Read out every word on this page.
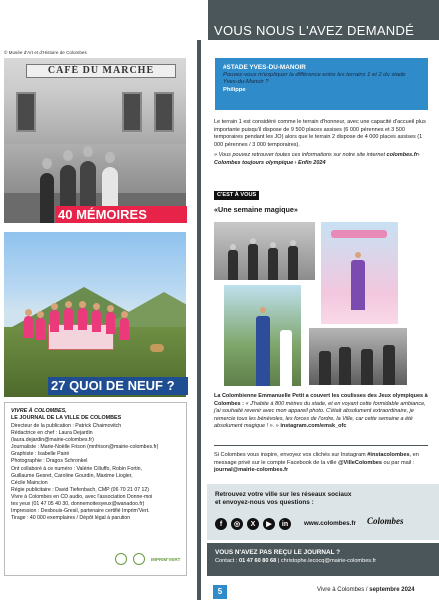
© Musée d'Art et d'Histoire de Colombes
CAFÉ DU MARCHE
40 MÉMOIRES
27 QUOI DE NEUF ?
VIVRE À COLOMBES,
LE JOURNAL DE LA VILLE DE COLOMBES
Directeur de la publication : Patrick Chaimovitch
Rédactrice en chef : Laura Dejardin
(laura.dejardin@mairie-colombes.fr)
Journaliste : Marie-Noëlle Frison (mnfrison@mairie-colombes.fr)
Graphiste : Isabelle Pairé
Photographie : Dragos Schronkel
Ont collaboré à ce numéro : Valérie Cilluffo, Robin Fortin,
Guillaume Gesret, Caroline Gourdin, Maxime Liogier,
Cécile Maincion
Régie publicitaire : David Tiefenbach, CMP (06 70 21 07 12)
Vivre à Colombes en CD audio, avec l'association Donne-moi
tes yeux (01 47 05 40 30, donnemoitesyeux@wanadoo.fr)
Impression : Desbouis-Gresil, partenaire certifié Imprim'Vert.
Tirage : 40 000 exemplaires / Dépôt légal à parution
IMPRIM'VERT
VOUS NOUS L'AVEZ DEMANDÉ
#STADE YVES-DU-MANOIR
Pouvez-vous m'expliquer la différence entre les terrains 1 et 2 du stade Yves-du-Manoir ?
Philippe
Le terrain 1 est considéré comme le terrain d'honneur, avec une capacité d'accueil plus importante puisqu'il dispose de 9 500 places assises (6 000 pérennes et 3 500 temporaires pendant les JO) alors que le terrain 2 dispose de 4 000 places assises (1 000 pérennes / 3 000 temporaires).
» Vous pouvez retrouver toutes ces informations sur notre site internet colombes.fr› Colombes toujours olympique › Enfin 2024
C'EST À VOUS
«Une semaine magique»
La Colombienne Emmanuelle Petit a couvert les coulisses des Jeux olympiques à Colombes : « J'habite à 800 mètres du stade, et en voyant cette formidable ambiance, j'ai souhaité revenir avec mon appareil photo. C'était absolument extraordinaire, je remercie tous les bénévoles, les forces de l'ordre, la Ville, car cette semaine a été absolument magique ! ». » instagram.com/emsk_ofc
Si Colombes vous inspire, envoyez vos clichés sur Instagram #instacolombes, en message privé sur le compte Facebook de la ville @VilleColombes ou par mail : journal@mairie-colombes.fr
Retrouvez votre ville sur les réseaux sociaux
et envoyez-nous vos questions :
f	◎	X	▶	in	www.colombes.fr Colombes
VOUS N'AVEZ PAS REÇU LE JOURNAL ?
Contact : 01 47 60 80 68 | christophe.lecocq@mairie-colombes.fr
5	Vivre à Colombes / septembre 2024
